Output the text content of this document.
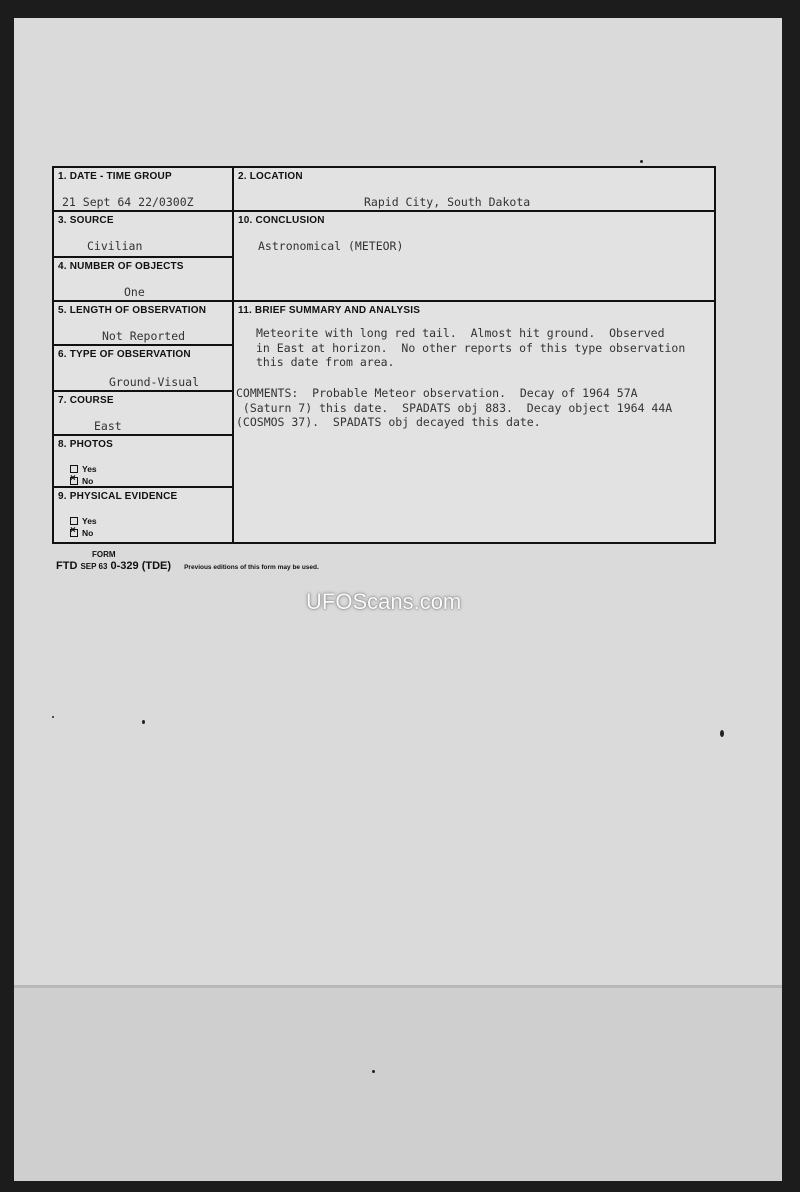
1. DATE - TIME GROUP
21 Sept 64 22/0300Z
3. SOURCE
Civilian
4. NUMBER OF OBJECTS
One
5. LENGTH OF OBSERVATION
Not Reported
6. TYPE OF OBSERVATION
Ground-Visual
7. COURSE
East
8. PHOTOS
Yes
×No
9. PHYSICAL EVIDENCE
Yes
×No
2. LOCATION
Rapid City, South Dakota
10. CONCLUSION
Astronomical (METEOR)
11. BRIEF SUMMARY AND ANALYSIS
Meteorite with long red tail.  Almost hit ground.  Observed
in East at horizon.  No other reports of this type observation
this date from area.
COMMENTS:  Probable Meteor observation.  Decay of 1964 57A
(Saturn 7) this date.  SPADATS obj 883.  Decay object 1964 44A
(COSMOS 37).  SPADATS obj decayed this date.
FORM
FTD SEP 63 0-329 (TDE) Previous editions of this form may be used.
UFOScans.com
